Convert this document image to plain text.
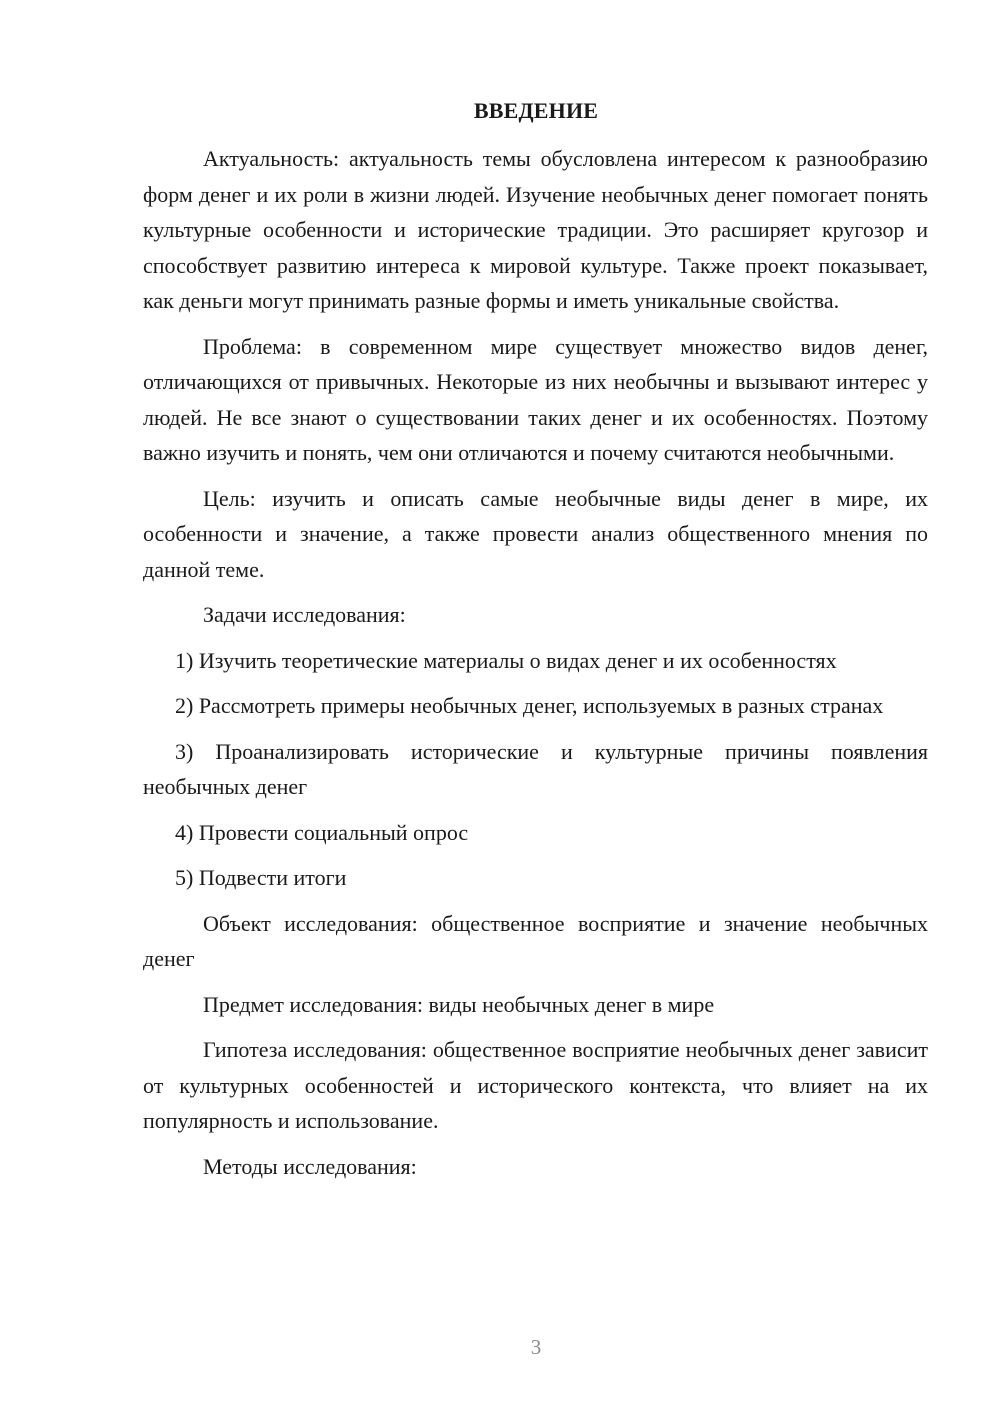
ВВЕДЕНИЕ

Актуальность: актуальность темы обусловлена интересом к разнообразию форм денег и их роли в жизни людей. Изучение необычных денег помогает понять культурные особенности и исторические традиции. Это расширяет кругозор и способствует развитию интереса к мировой культуре. Также проект показывает, как деньги могут принимать разные формы и иметь уникальные свойства.

Проблема: в современном мире существует множество видов денег, отличающихся от привычных. Некоторые из них необычны и вызывают интерес у людей. Не все знают о существовании таких денег и их особенностях. Поэтому важно изучить и понять, чем они отличаются и почему считаются необычными.

Цель: изучить и описать самые необычные виды денег в мире, их особенности и значение, а также провести анализ общественного мнения по данной теме.

Задачи исследования:

1) Изучить теоретические материалы о видах денег и их особенностях

2) Рассмотреть примеры необычных денег, используемых в разных странах

3) Проанализировать исторические и культурные причины появления необычных денег

4) Провести социальный опрос

5) Подвести итоги

Объект исследования: общественное восприятие и значение необычных денег

Предмет исследования: виды необычных денег в мире

Гипотеза исследования: общественное восприятие необычных денег зависит от культурных особенностей и исторического контекста, что влияет на их популярность и использование.

Методы исследования:

3
